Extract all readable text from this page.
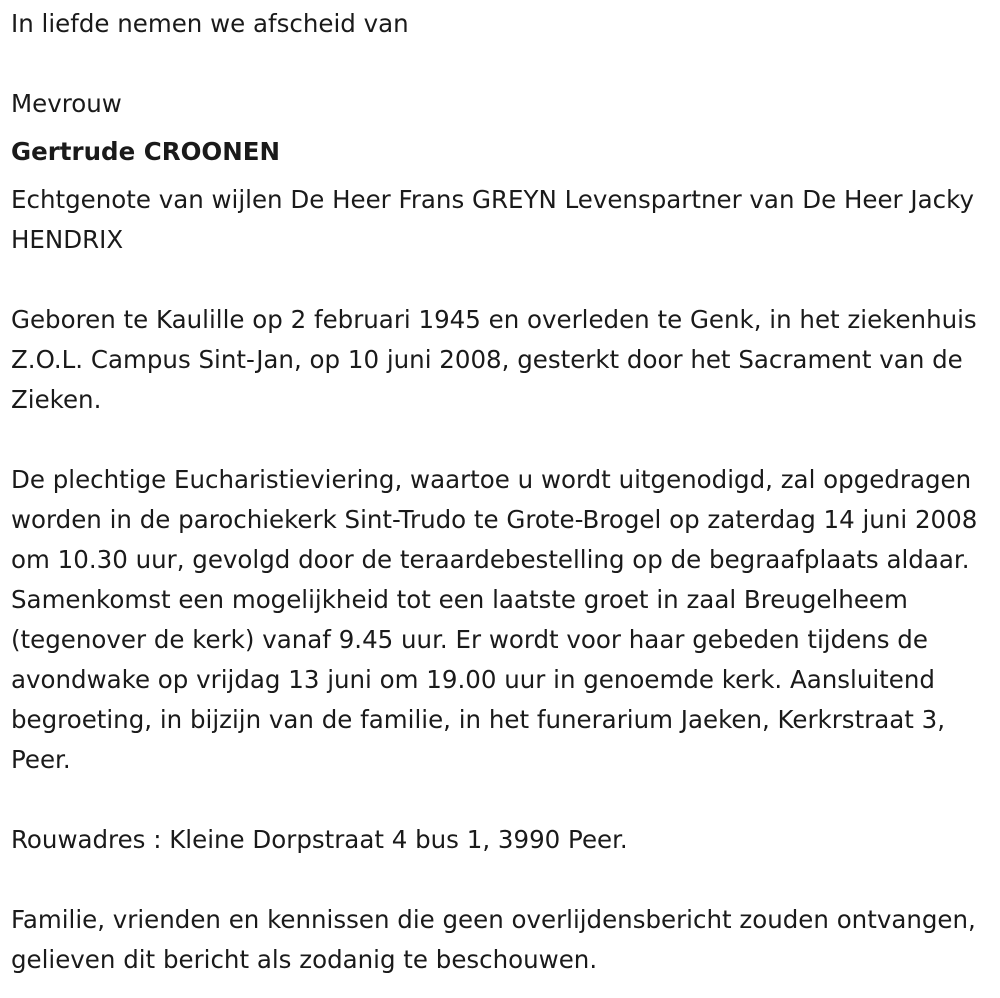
In liefde nemen we afscheid van

Mevrouw

Gertrude CROONEN

Echtgenote van wijlen De Heer Frans GREYN Levenspartner van De Heer Jacky HENDRIX

Geboren te Kaulille op 2 februari 1945 en overleden te Genk, in het ziekenhuis Z.O.L. Campus Sint-Jan, op 10 juni 2008, gesterkt door het Sacrament van de Zieken.

De plechtige Eucharistieviering, waartoe u wordt uitgenodigd, zal opgedragen worden in de parochiekerk Sint-Trudo te Grote-Brogel op zaterdag 14 juni 2008 om 10.30 uur, gevolgd door de teraardebestelling op de begraafplaats aldaar. Samenkomst een mogelijkheid tot een laatste groet in zaal Breugelheem (tegenover de kerk) vanaf 9.45 uur. Er wordt voor haar gebeden tijdens de avondwake op vrijdag 13 juni om 19.00 uur in genoemde kerk. Aansluitend begroeting, in bijzijn van de familie, in het funerarium Jaeken, Kerkrstraat 3, Peer.

Rouwadres : Kleine Dorpstraat 4 bus 1, 3990 Peer.

Familie, vrienden en kennissen die geen overlijdensbericht zouden ontvangen, gelieven dit bericht als zodanig te beschouwen.
